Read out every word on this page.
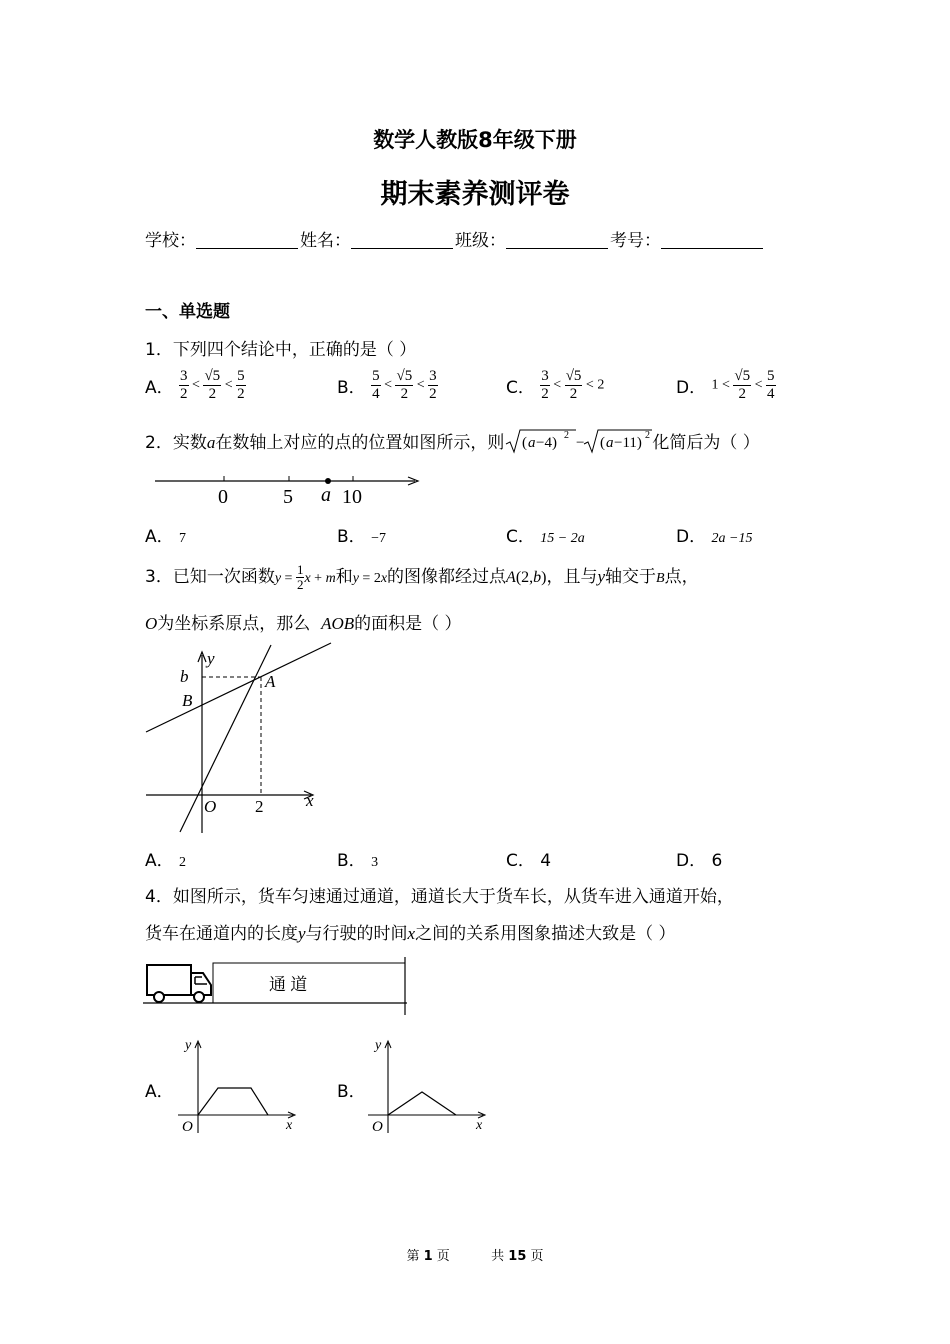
数学人教版8年级下册
期末素养测评卷
学校：	姓名：	班级：	考号：
一、单选题
1．下列四个结论中，正确的是（ ）
A． $\frac{3}{2} < \frac{√5}{2} < \frac{5}{2}$	B． $\frac{5}{4} < \frac{√5}{2} < \frac{3}{2}$	C． $\frac{3}{2} < \frac{√5}{2} < 2$	D． $1 < \frac{√5}{2} < \frac{5}{4}$
2．实数a在数轴上对应的点的位置如图所示，则 ( a −4) 2 − ( a −11) 2 化简后为（ ）
0	5 a 10
A． 7	B． −7	C． 15 − 2a	D． 2a −15
3．已知一次函数$y = \frac{1}{2}$ x + m和y = 2x的图像都经过点A(2,b)，且与y轴交于B点，
O为坐标系原点，那么 AOB的面积是（ ）
y
b
B
A
O 2	x
A． 2	B． 3	C． 4	D． 6
4．如图所示，货车匀速通过通道，通道长大于货车长，从货车进入通道开始，
货车在通道内的长度y与行驶的时间x之间的关系用图象描述大致是（ ）
通 道
A．
y
O	x
B．
y
O	x
第 1 页	共 15 页
